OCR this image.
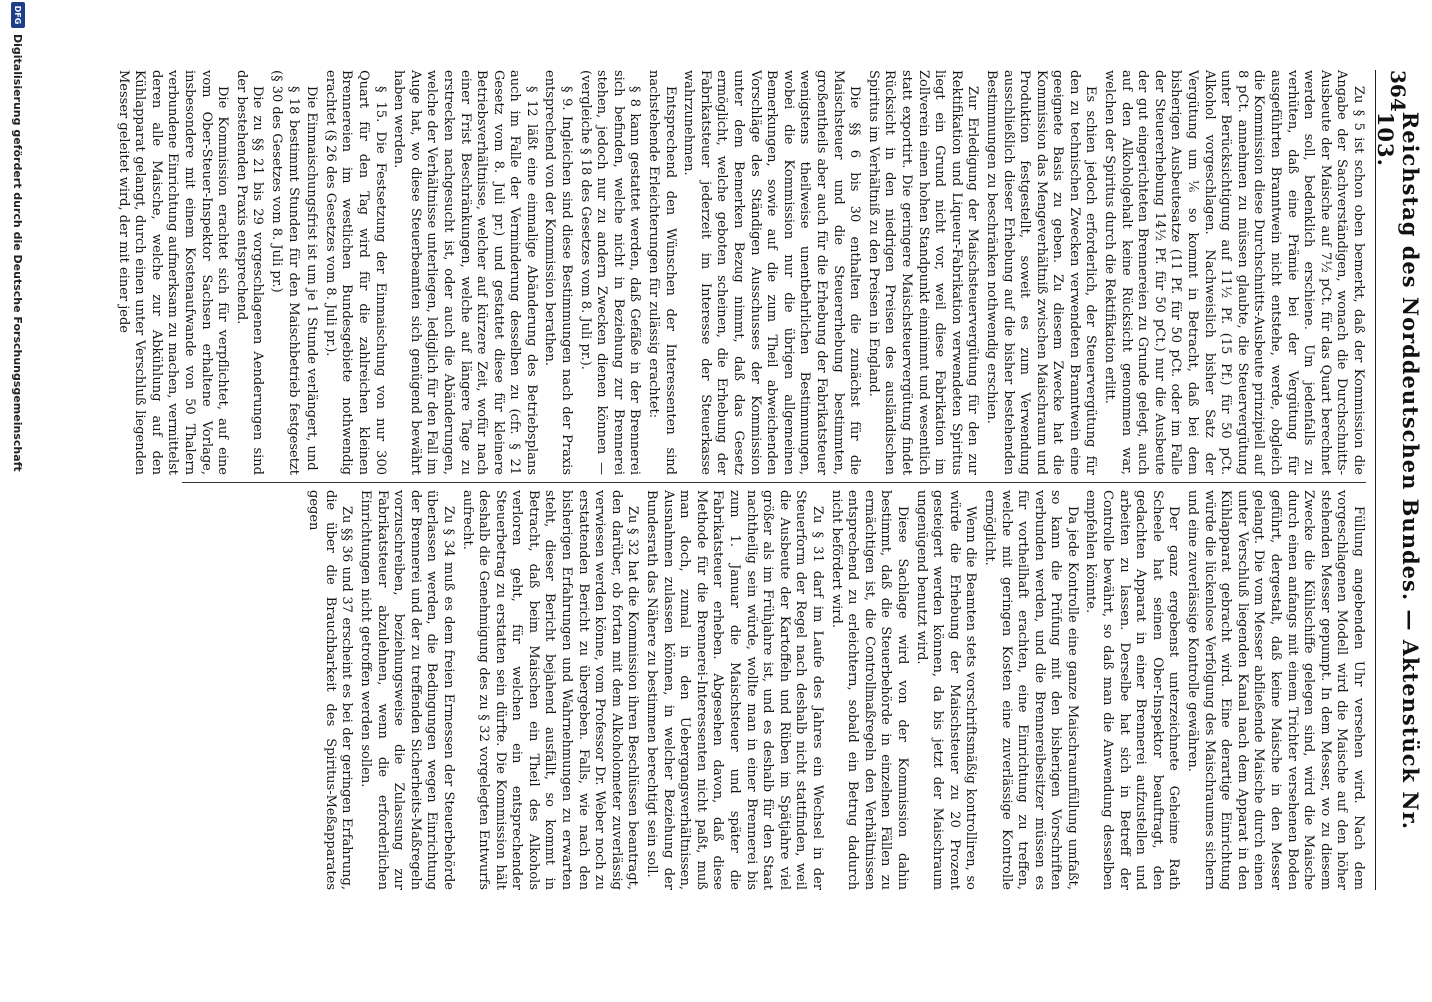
364
Reichstag des Norddeutschen Bundes. — Aktenstück Nr. 103.

Zu § 5 ist schon oben bemerkt, daß der Kommission die Angabe der Sachverständigen, wonach die Durchschnitts-Ausbeute der Maische auf 7½ pCt. für das Quart berechnet werden soll, bedenklich erschiene. Um jedenfalls zu verhüten, daß eine Prämie bei der Vergütung für ausgeführten Branntwein nicht entstehe, werde, obgleich die Kommission diese Durchschnitts-Ausbeute prinzipiell auf 8 pCt. annehmen zu müssen glaubte, die Steuervergütung unter Berücksichtigung auf 11½ Pf. (15 Pf.) für 50 pCt. Alkohol vorgeschlagen. Nachweislich bisher Satz der Vergütung um ⅙ so kommt in Betracht, daß bei dem bisherigen Ausbeutesatze (11 Pf. für 50 pCt. oder im Falle der Steuererhebung 14½ Pf. für 50 pCt.) nur die Ausbeute der gut eingerichteten Brennereien zu Grunde gelegt, auch auf den Alkoholgehalt keine Rücksicht genommen war, welchen der Spiritus durch die Rektifikation erlitt.

Es schien jedoch erforderlich, der Steuervergütung für den zu technischen Zwecken verwendeten Branntwein eine geeignete Basis zu geben. Zu diesem Zwecke hat die Kommission das Mengeverhältniß zwischen Maischraum und Produktion festgestellt, soweit es zum Verwendung ausschließlich dieser Erhebung auf die bisher bestehenden Bestimmungen zu beschränken nothwendig erschien.

Zur Erledigung der Maischsteuervergütung für den zur Rektifikation und Liqueur-Fabrikation verwendeten Spiritus liegt ein Grund nicht vor, weil diese Fabrikation im Zollverein einen hohen Standpunkt einnimmt und wesentlich statt exportirt. Die geringere Maischsteuervergütung findet Rücksicht in den niedrigen Preisen des ausländischen Spiritus im Verhältniß zu den Preisen in England.

Die §§ 6 bis 30 enthalten die zunächst für die Maischsteuer und die Steuererhebung bestimmten, großentheils aber auch für die Erhebung der Fabrikatsteuer wenigstens theilweise unentbehrlichen Bestimmungen, wobei die Kommission nur die übrigen allgemeinen Bemerkungen, sowie auf die zum Theil abweichenden Vorschläge des Ständigen Ausschusses der Kommission unter dem Bemerken Bezug nimmt, daß das Gesetz ermöglicht, welche geboten scheinen, die Erhebung der Fabrikatsteuer jederzeit im Interesse der Steuerkasse wahrzunehmen.

Entsprechend den Wünschen der Interessenten sind nachstehende Erleichterungen für zulässig erachtet:

§ 8 kann gestattet werden, daß Gefäße in der Brennerei sich befinden, welche nicht in Beziehung zur Brennerei stehen, jedoch nur zu andern Zwecken dienen können — (vergleiche § 18 des Gesetzes vom 8. Juli pr.).

§ 9. Ingleichen sind diese Bestimmungen nach der Praxis entsprechend von der Kommission berathen.

§ 12 läßt eine einmalige Abänderung des Betriebsplans auch im Falle der Verminderung desselben zu (cfr. § 21 Gesetz vom 8. Juli pr.) und gestattet diese für kleinere Betriebsverhältnisse, welcher auf kürzere Zeit, wofür nach einer Frist Beschränkungen, welche auf längere Tage zu erstrecken nachgesucht ist, oder auch die Abänderungen, welche der Verhältnisse unterliegen, lediglich für den Fall im Auge hat, wo diese Steuerbeamten sich genügend bewährt haben werden.

§ 15. Die Festsetzung der Einmaischung von nur 300 Quart für den Tag wird für die zahlreichen kleinen Brennereien im westlichen Bundesgebiete nothwendig erachtet (§ 26 des Gesetzes vom 8. Juli pr.).

Die Einmaischungsfrist ist um je 1 Stunde verlängert, und

§ 18 bestimmt Stunden für den Maischbetrieb festgesetzt (§ 30 des Gesetzes vom 8. Juli pr.)

Die zu §§ 21 bis 29 vorgeschlagenen Aenderungen sind der bestehenden Praxis entsprechend.

Die Kommission erachtet sich für verpflichtet, auf eine vom Ober-Steuer-Inspektor Sachsen erhaltene Vorlage, insbesondere mit einem Kostenaufwande von 50 Thalern verbundene Einrichtung aufmerksam zu machen, vermittelst deren alle Maische, welche zur Abkühlung auf den Kühlapparat gelangt, durch einen unter Verschluß liegenden Messer geleitet wird, der mit einer jede

Füllung angebenden Uhr versehen wird. Nach dem vorgeschlagenen Modell wird die Maische auf den höher stehenden Messer gepumpt. In dem Messer, wo zu diesem Zwecke die Kühlschiffe gelegen sind, wird die Maische durch einen anfangs mit einem Trichter versehenen Boden geführt, dergestalt, daß keine Maische in den Messer gelangt. Die vom Messer abfließende Maische durch einen unter Verschluß liegenden Kanal nach dem Apparat in den Kühlapparat gebracht wird. Eine derartige Einrichtung würde die lückenlose Verfolgung des Maischraumes sichern und eine zuverlässige Kontrolle gewähren.

Der ganz ergebenst unterzeichnete Geheime Rath Scheele hat seinen Ober-Inspektor beauftragt, den gedachten Apparat in einer Brennerei aufzustellen und arbeiten zu lassen. Derselbe hat sich in Betreff der Controlle bewährt, so daß man die Anwendung desselben empfehlen könnte.

Da jede Kontrolle eine ganze Maischraumfüllung umfaßt, so kann die Prüfung mit den bisherigen Vorschriften verbunden werden, und die Brennereibesitzer müssen es für vortheilhaft erachten, eine Einrichtung zu treffen, welche mit geringen Kosten eine zuverlässige Kontrolle ermöglicht.

Wenn die Beamten stets vorschriftsmäßig kontrolliren, so würde die Erhebung der Maischsteuer zu 20 Prozent gesteigert werden können, da bis jetzt der Maischraum ungenügend benutzt wird.

Diese Sachlage wird von der Kommission dahin bestimmt, daß die Steuerbehörde in einzelnen Fällen zu ermächtigen ist, die Controllmaßregeln den Verhältnissen entsprechend zu erleichtern, sobald ein Betrug dadurch nicht befördert wird.

Zu § 31 darf im Laufe des Jahres ein Wechsel in der Steuerform der Regel nach deshalb nicht stattfinden, weil die Ausbeute der Kartoffeln und Rüben im Spätjahre viel größer als im Frühjahre ist, und es deshalb für den Staat nachtheilig sein würde, wollte man in einer Brennerei bis zum 1. Januar die Maischsteuer und später die Fabrikatsteuer erheben. Abgesehen davon, daß diese Methode für die Brennerei-Interessenten nicht paßt, muß man doch, zumal in den Uebergangsverhältnissen, Ausnahmen zulassen können, in welcher Beziehung der Bundesrath das Nähere zu bestimmen berechtigt sein soll.

Zu § 32 hat die Kommission ihren Beschlüssen beantragt, den darüber, ob fortan mit dem Alkoholometer zuverlässig verwiesen werden könne, vom Professor Dr. Weber noch zu erstattenden Bericht zu übergeben. Falls, wie nach den bisherigen Erfahrungen und Wahrnehmungen zu erwarten steht, dieser Bericht bejahend ausfällt, so kommt in Betracht, daß beim Maischen ein Theil des Alkohols verloren geht, für welchen ein entsprechender Steuerbetrag zu erstatten sein dürfte. Die Kommission hält deshalb die Genehmigung des zu § 32 vorgelegten Entwurfs aufrecht.

Zu § 34 muß es dem freien Ermessen der Steuerbehörde überlassen werden, die Bedingungen wegen Einrichtung der Brennerei und der zu treffenden Sicherheits-Maßregeln vorzuschreiben, beziehungsweise die Zulassung zur Fabrikatsteuer abzulehnen, wenn die erforderlichen Einrichtungen nicht getroffen werden sollen.

Zu §§ 36 und 37 erscheint es bei der geringen Erfahrung, die über die Brauchbarkeit des Spiritus-Meßapparates gegen

DFG
Digitalisierung gefördert durch die Deutsche Forschungsgemeinschaft
